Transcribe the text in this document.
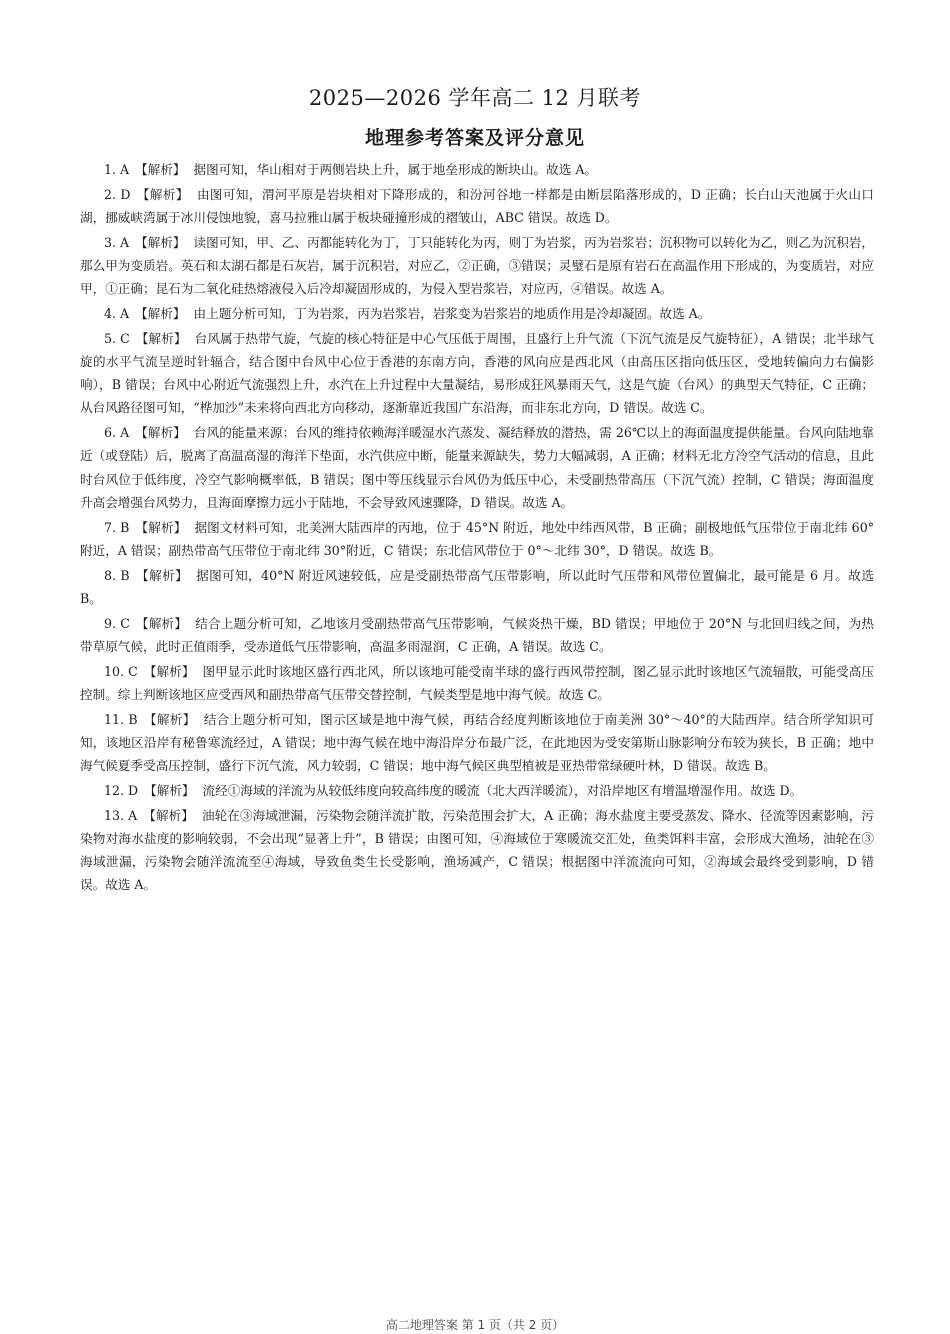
2025—2026 学年高二 12 月联考
地理参考答案及评分意见

1. A 【解析】 据图可知，华山相对于两侧岩块上升，属于地垒形成的断块山。故选 A。

2. D 【解析】 由图可知，渭河平原是岩块相对下降形成的，和汾河谷地一样都是由断层陷落形成的，D 正确；长白山天池属于火山口湖，挪威峡湾属于冰川侵蚀地貌，喜马拉雅山属于板块碰撞形成的褶皱山，ABC 错误。故选 D。

3. A 【解析】 读图可知，甲、乙、丙都能转化为丁，丁只能转化为丙，则丁为岩浆，丙为岩浆岩；沉积物可以转化为乙，则乙为沉积岩，那么甲为变质岩。英石和太湖石都是石灰岩，属于沉积岩，对应乙，②正确，③错误；灵璧石是原有岩石在高温作用下形成的，为变质岩，对应甲，①正确；昆石为二氧化硅热熔液侵入后冷却凝固形成的，为侵入型岩浆岩，对应丙，④错误。故选 A。

4. A 【解析】 由上题分析可知，丁为岩浆，丙为岩浆岩，岩浆变为岩浆岩的地质作用是冷却凝固。故选 A。

5. C 【解析】 台风属于热带气旋，气旋的核心特征是中心气压低于周围，且盛行上升气流（下沉气流是反气旋特征），A 错误；北半球气旋的水平气流呈逆时针辐合，结合图中台风中心位于香港的东南方向，香港的风向应是西北风（由高压区指向低压区，受地转偏向力右偏影响），B 错误；台风中心附近气流强烈上升，水汽在上升过程中大量凝结，易形成狂风暴雨天气，这是气旋（台风）的典型天气特征，C 正确；从台风路径图可知，“桦加沙”未来将向西北方向移动，逐渐靠近我国广东沿海，而非东北方向，D 错误。故选 C。

6. A 【解析】 台风的能量来源：台风的维持依赖海洋暖湿水汽蒸发、凝结释放的潜热，需 26℃以上的海面温度提供能量。台风向陆地靠近（或登陆）后，脱离了高温高湿的海洋下垫面，水汽供应中断，能量来源缺失，势力大幅减弱，A 正确；材料无北方冷空气活动的信息，且此时台风位于低纬度，冷空气影响概率低，B 错误；图中等压线显示台风仍为低压中心，未受副热带高压（下沉气流）控制，C 错误；海面温度升高会增强台风势力，且海面摩擦力远小于陆地，不会导致风速骤降，D 错误。故选 A。

7. B 【解析】 据图文材料可知，北美洲大陆西岸的丙地，位于 45°N 附近，地处中纬西风带，B 正确；副极地低气压带位于南北纬 60°附近，A 错误；副热带高气压带位于南北纬 30°附近，C 错误；东北信风带位于 0°～北纬 30°，D 错误。故选 B。

8. B 【解析】 据图可知，40°N 附近风速较低，应是受副热带高气压带影响，所以此时气压带和风带位置偏北，最可能是 6 月。故选 B。

9. C 【解析】 结合上题分析可知，乙地该月受副热带高气压带影响，气候炎热干燥，BD 错误；甲地位于 20°N 与北回归线之间，为热带草原气候，此时正值雨季，受赤道低气压带影响，高温多雨湿润，C 正确，A 错误。故选 C。

10. C 【解析】 图甲显示此时该地区盛行西北风，所以该地可能受南半球的盛行西风带控制，图乙显示此时该地区气流辐散，可能受高压控制。综上判断该地区应受西风和副热带高气压带交替控制，气候类型是地中海气候。故选 C。

11. B 【解析】 结合上题分析可知，图示区域是地中海气候，再结合经度判断该地位于南美洲 30°～40°的大陆西岸。结合所学知识可知，该地区沿岸有秘鲁寒流经过，A 错误；地中海气候在地中海沿岸分布最广泛，在此地因为受安第斯山脉影响分布较为狭长，B 正确；地中海气候夏季受高压控制，盛行下沉气流，风力较弱，C 错误；地中海气候区典型植被是亚热带常绿硬叶林，D 错误。故选 B。

12. D 【解析】 流经①海域的洋流为从较低纬度向较高纬度的暖流（北大西洋暖流），对沿岸地区有增温增湿作用。故选 D。

13. A 【解析】 油轮在③海域泄漏，污染物会随洋流扩散，污染范围会扩大，A 正确；海水盐度主要受蒸发、降水、径流等因素影响，污染物对海水盐度的影响较弱，不会出现“显著上升”，B 错误；由图可知，④海域位于寒暖流交汇处，鱼类饵料丰富，会形成大渔场，油轮在③海域泄漏，污染物会随洋流流至④海域，导致鱼类生长受影响，渔场减产，C 错误；根据图中洋流流向可知，②海域会最终受到影响，D 错误。故选 A。

高二地理答案 第 1 页（共 2 页）
